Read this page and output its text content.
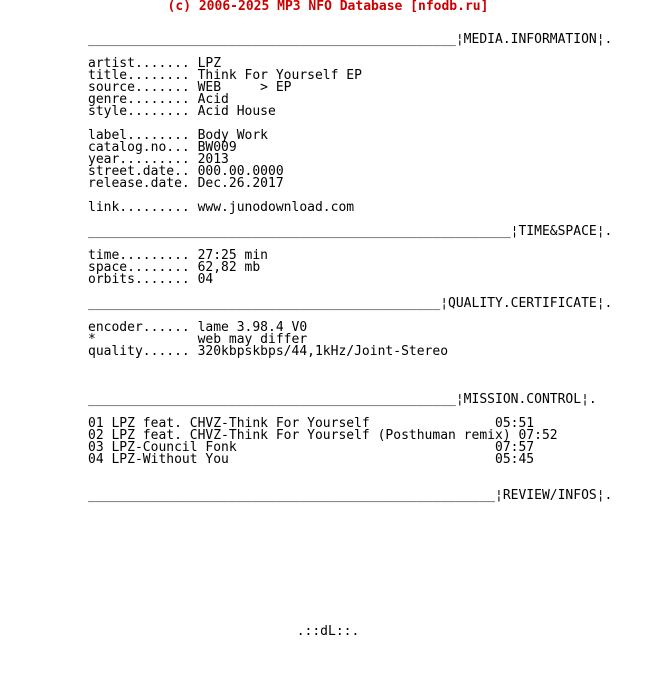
(c) 2006-2025 MP3 NFO Database [nfodb.ru]
_______________________________________________¦MEDIA.INFORMATION¦.
artist....... LPZ
title........ Think For Yourself EP
source....... WEB     > EP
genre........ Acid
style........ Acid House
label........ Body Work
catalog.no... BW009
year......... 2013
street.date.. 000.00.0000
release.date. Dec.26.2017
link......... www.junodownload.com
______________________________________________________¦TIME&SPACE¦.
time......... 27:25 min
space........ 62,82 mb
orbits....... 04
_____________________________________________¦QUALITY.CERTIFICATE¦.
encoder...... lame 3.98.4 V0
*             web may differ
quality...... 320kbpskbps/44,1kHz/Joint-Stereo
_______________________________________________¦MISSION.CONTROL¦.
01 LPZ feat. CHVZ-Think For Yourself                05:51
02 LPZ feat. CHVZ-Think For Yourself (Posthuman remix) 07:52
03 LPZ-Council Fonk                                 07:57
04 LPZ-Without You                                  05:45
____________________________________________________¦REVIEW/INFOS¦.
.::dL::.
